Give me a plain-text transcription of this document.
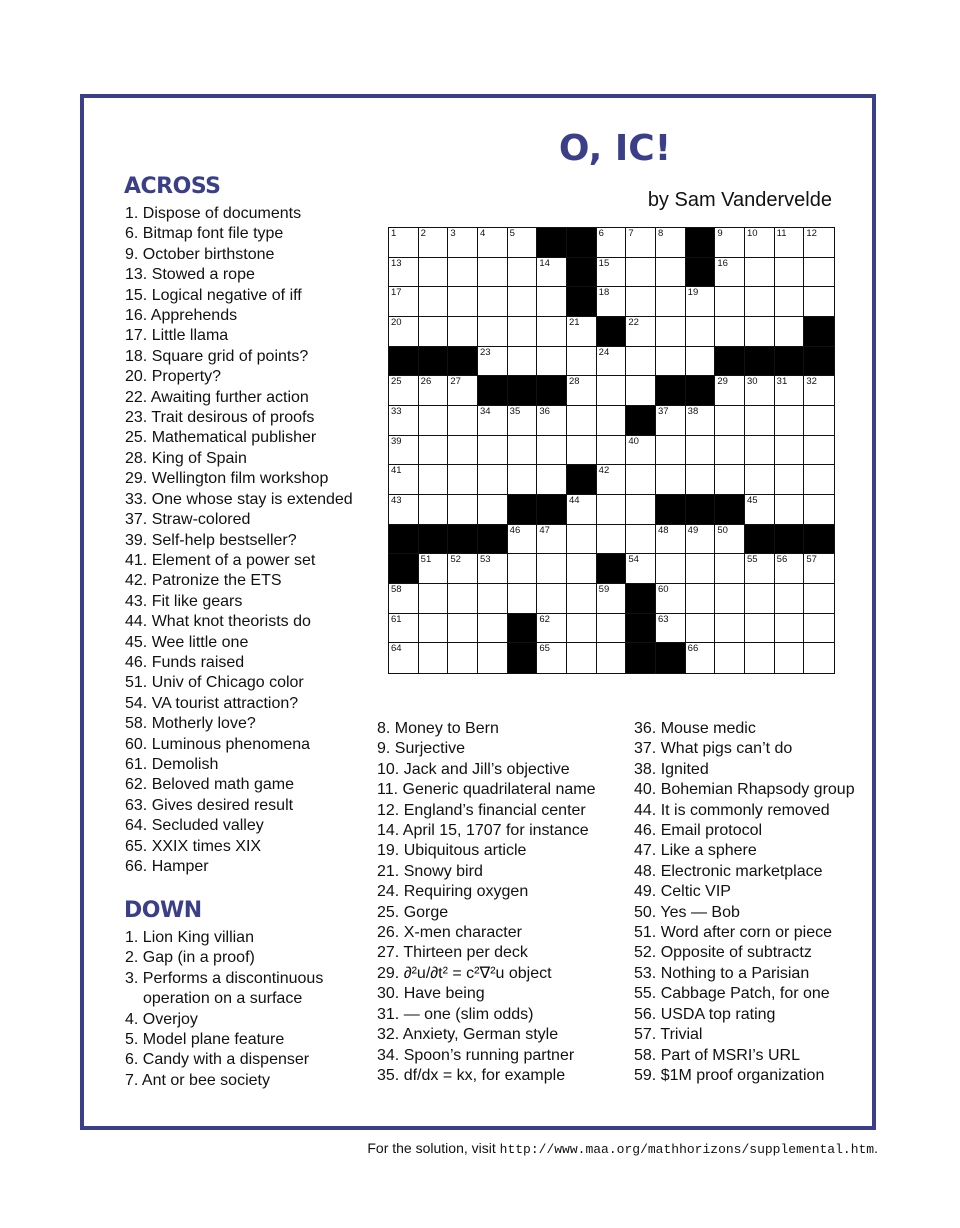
O, IC!
by Sam Vandervelde
ACROSS
1. Dispose of documents
6. Bitmap font file type
9. October birthstone
13. Stowed a rope
15. Logical negative of iff
16. Apprehends
17. Little llama
18. Square grid of points?
20. Property?
22. Awaiting further action
23. Trait desirous of proofs
25. Mathematical publisher
28. King of Spain
29. Wellington film workshop
33. One whose stay is extended
37. Straw-colored
39. Self-help bestseller?
41. Element of a power set
42. Patronize the ETS
43. Fit like gears
44. What knot theorists do
45. Wee little one
46. Funds raised
51. Univ of Chicago color
54. VA tourist attraction?
58. Motherly love?
60. Luminous phenomena
61. Demolish
62. Beloved math game
63. Gives desired result
64. Secluded valley
65. XXIX times XIX
66. Hamper
DOWN
1. Lion King villian
2. Gap (in a proof)
3. Performs a discontinuous
operation on a surface
4. Overjoy
5. Model plane feature
6. Candy with a dispenser
7. Ant or bee society
8. Money to Bern
9. Surjective
10. Jack and Jill’s objective
11. Generic quadrilateral name
12. England’s financial center
14. April 15, 1707 for instance
19. Ubiquitous article
21. Snowy bird
24. Requiring oxygen
25. Gorge
26. X-men character
27. Thirteen per deck
29. ∂²u/∂t² = c²∇²u object
30. Have being
31. — one (slim odds)
32. Anxiety, German style
34. Spoon’s running partner
35. df/dx = kx, for example
36. Mouse medic
37. What pigs can’t do
38. Ignited
40. Bohemian Rhapsody group
44. It is commonly removed
46. Email protocol
47. Like a sphere
48. Electronic marketplace
49. Celtic VIP
50. Yes — Bob
51. Word after corn or piece
52. Opposite of subtractz
53. Nothing to a Parisian
55. Cabbage Patch, for one
56. USDA top rating
57. Trivial
58. Part of MSRI’s URL
59. $1M proof organization
1	2	3	4	5	6	7	8	9	10 11 12
13	14	15	16
17	18	19
20	21	22
23	24
25 26 27	28	29 30 31 32
33	34 35 36	37 38
39	40
41	42
43	44	45
46 47	48 49 50
51 52 53	54	55 56 57
58	59	60
61	62	63
64	65	66
For the solution, visit http://www.maa.org/mathhorizons/supplemental.htm.
